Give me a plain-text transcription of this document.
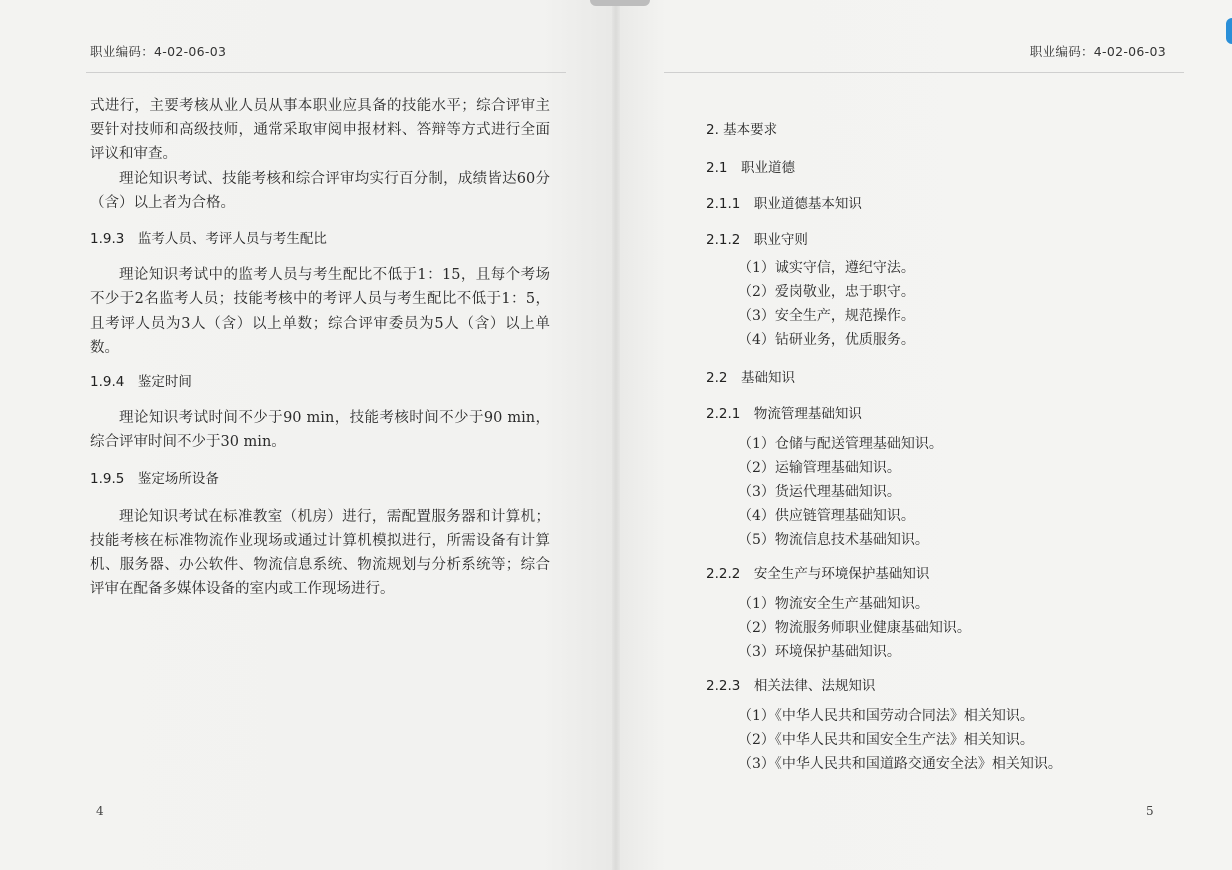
职业编码：4-02-06-03

式进行，主要考核从业人员从事本职业应具备的技能水平；综合评审主要针对技师和高级技师，通常采取审阅申报材料、答辩等方式进行全面评议和审查。

理论知识考试、技能考核和综合评审均实行百分制，成绩皆达60分（含）以上者为合格。

1.9.3　监考人员、考评人员与考生配比

理论知识考试中的监考人员与考生配比不低于1：15，且每个考场不少于2名监考人员；技能考核中的考评人员与考生配比不低于1：5，且考评人员为3人（含）以上单数；综合评审委员为5人（含）以上单数。

1.9.4　鉴定时间

理论知识考试时间不少于90 min，技能考核时间不少于90 min，综合评审时间不少于30 min。

1.9.5　鉴定场所设备

理论知识考试在标准教室（机房）进行，需配置服务器和计算机；技能考核在标准物流作业现场或通过计算机模拟进行，所需设备有计算机、服务器、办公软件、物流信息系统、物流规划与分析系统等；综合评审在配备多媒体设备的室内或工作现场进行。

4
职业编码：4-02-06-03

2. 基本要求

2.1　职业道德

2.1.1　职业道德基本知识

2.1.2　职业守则

（1）诚实守信，遵纪守法。

（2）爱岗敬业，忠于职守。

（3）安全生产，规范操作。

（4）钻研业务，优质服务。

2.2　基础知识

2.2.1　物流管理基础知识

（1）仓储与配送管理基础知识。

（2）运输管理基础知识。

（3）货运代理基础知识。

（4）供应链管理基础知识。

（5）物流信息技术基础知识。

2.2.2　安全生产与环境保护基础知识

（1）物流安全生产基础知识。

（2）物流服务师职业健康基础知识。

（3）环境保护基础知识。

2.2.3　相关法律、法规知识

（1）《中华人民共和国劳动合同法》相关知识。

（2）《中华人民共和国安全生产法》相关知识。

（3）《中华人民共和国道路交通安全法》相关知识。

5
